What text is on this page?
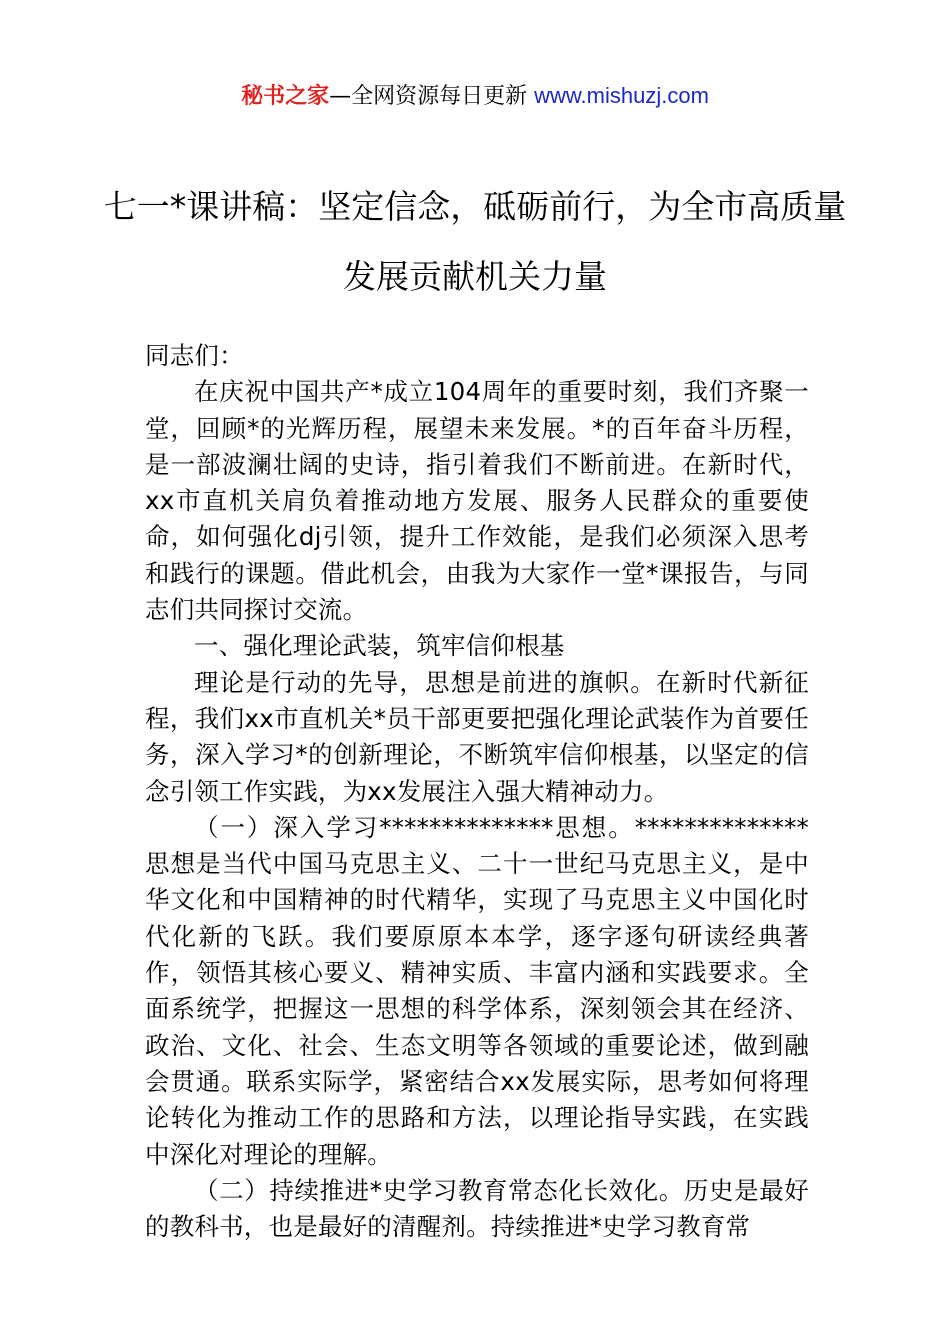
秘书之家—全网资源每日更新 www.mishuzj.com
七一*课讲稿：坚定信念，砥砺前行，为全市高质量发展贡献机关力量

同志们：

在庆祝中国共产*成立104周年的重要时刻，我们齐聚一堂，回顾*的光辉历程，展望未来发展。*的百年奋斗历程，是一部波澜壮阔的史诗，指引着我们不断前进。在新时代，xx市直机关肩负着推动地方发展、服务人民群众的重要使命，如何强化dj引领，提升工作效能，是我们必须深入思考和践行的课题。借此机会，由我为大家作一堂*课报告，与同志们共同探讨交流。

一、强化理论武装，筑牢信仰根基

理论是行动的先导，思想是前进的旗帜。在新时代新征程，我们xx市直机关*员干部更要把强化理论武装作为首要任务，深入学习*的创新理论，不断筑牢信仰根基，以坚定的信念引领工作实践，为xx发展注入强大精神动力。

（一）深入学习**************思想。**************思想是当代中国马克思主义、二十一世纪马克思主义，是中华文化和中国精神的时代精华，实现了马克思主义中国化时代化新的飞跃。我们要原原本本学，逐字逐句研读经典著作，领悟其核心要义、精神实质、丰富内涵和实践要求。全面系统学，把握这一思想的科学体系，深刻领会其在经济、政治、文化、社会、生态文明等各领域的重要论述，做到融会贯通。联系实际学，紧密结合xx发展实际，思考如何将理论转化为推动工作的思路和方法，以理论指导实践，在实践中深化对理论的理解。

（二）持续推进*史学习教育常态化长效化。历史是最好的教科书，也是最好的清醒剂。持续推进*史学习教育常
